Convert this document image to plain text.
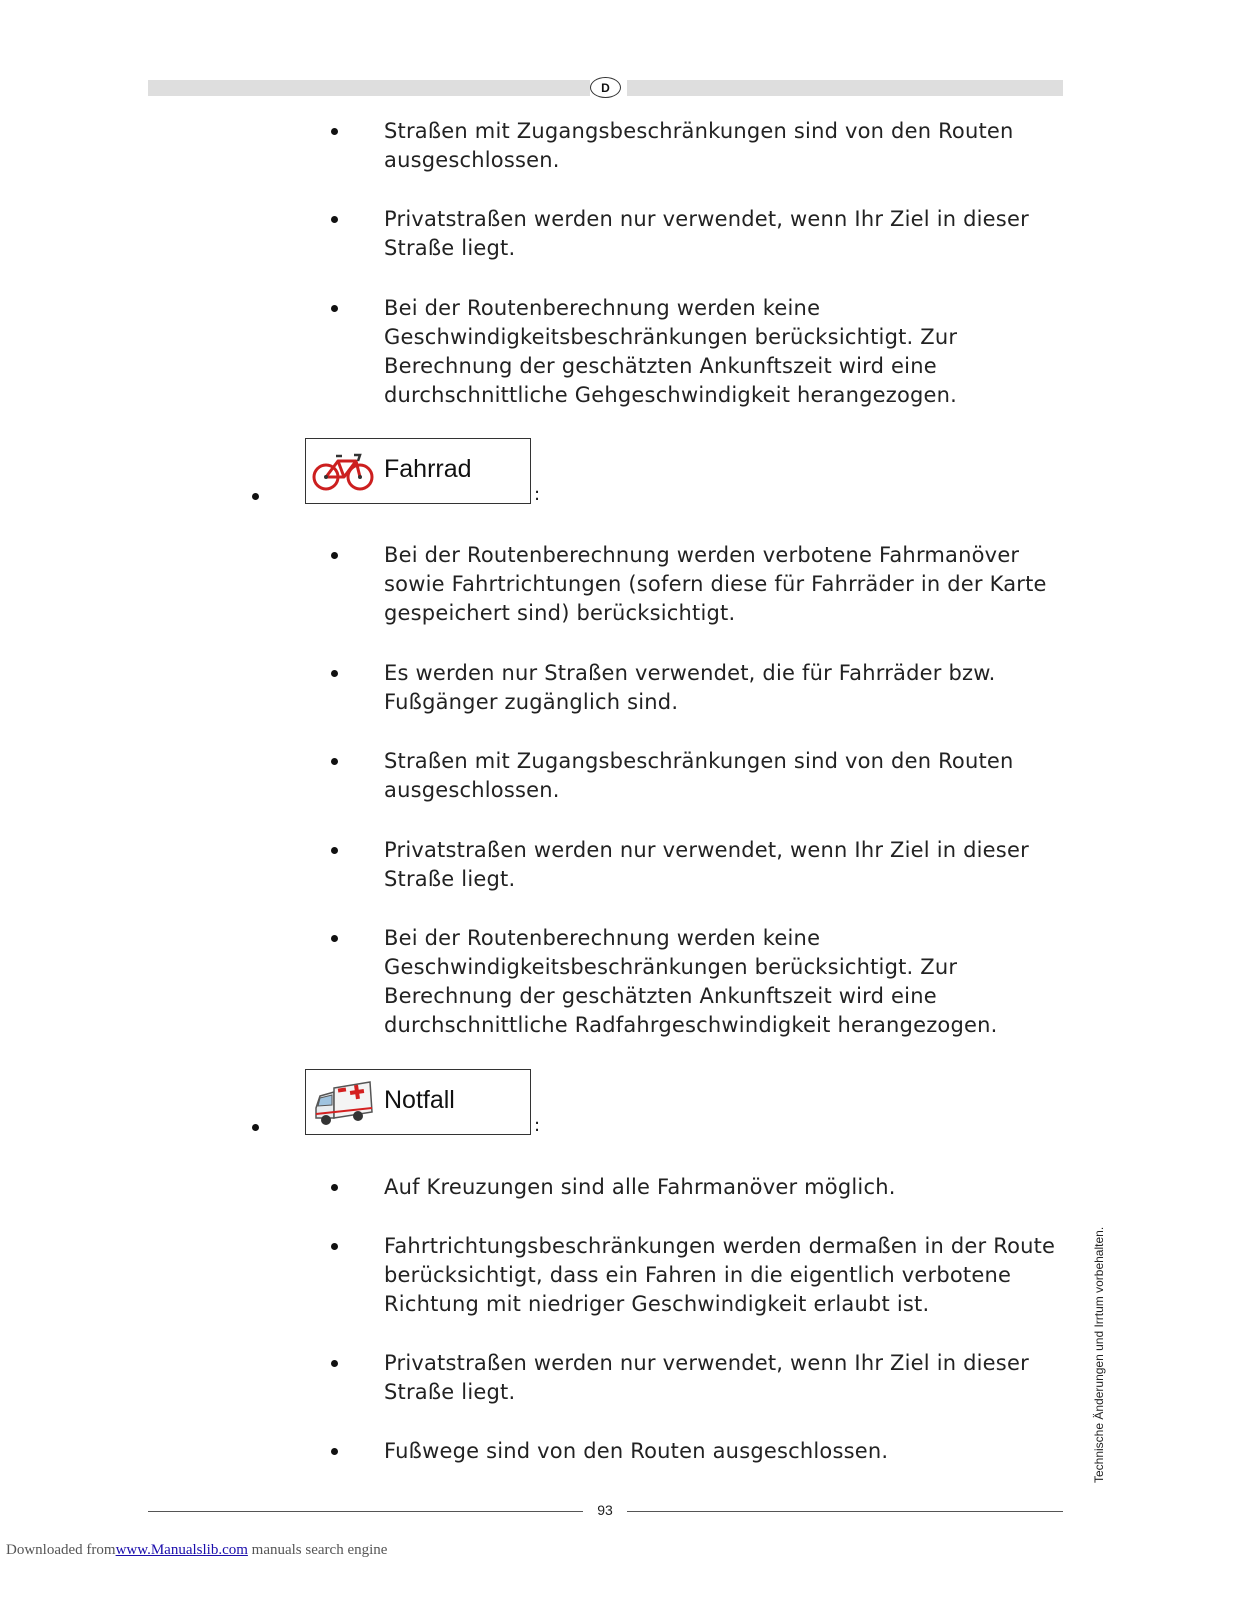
D
Straßen mit Zugangsbeschränkungen sind von den Routen
ausgeschlossen.
Privatstraßen werden nur verwendet, wenn Ihr Ziel in dieser
Straße liegt.
Bei der Routenberechnung werden keine
Geschwindigkeitsbeschränkungen berücksichtigt. Zur
Berechnung der geschätzten Ankunftszeit wird eine
durchschnittliche Gehgeschwindigkeit herangezogen.
Fahrrad
:
Bei der Routenberechnung werden verbotene Fahrmanöver
sowie Fahrtrichtungen (sofern diese für Fahrräder in der Karte
gespeichert sind) berücksichtigt.
Es werden nur Straßen verwendet, die für Fahrräder bzw.
Fußgänger zugänglich sind.
Straßen mit Zugangsbeschränkungen sind von den Routen
ausgeschlossen.
Privatstraßen werden nur verwendet, wenn Ihr Ziel in dieser
Straße liegt.
Bei der Routenberechnung werden keine
Geschwindigkeitsbeschränkungen berücksichtigt. Zur
Berechnung der geschätzten Ankunftszeit wird eine
durchschnittliche Radfahrgeschwindigkeit herangezogen.
Notfall
:
Auf Kreuzungen sind alle Fahrmanöver möglich.
Fahrtrichtungsbeschränkungen werden dermaßen in der Route
berücksichtigt, dass ein Fahren in die eigentlich verbotene
Richtung mit niedriger Geschwindigkeit erlaubt ist.
Privatstraßen werden nur verwendet, wenn Ihr Ziel in dieser
Straße liegt.
Fußwege sind von den Routen ausgeschlossen.	Technische Änderungen und Irrtum vorbehalten.
93
Downloaded fromwww.Manualslib.com manuals search engine
